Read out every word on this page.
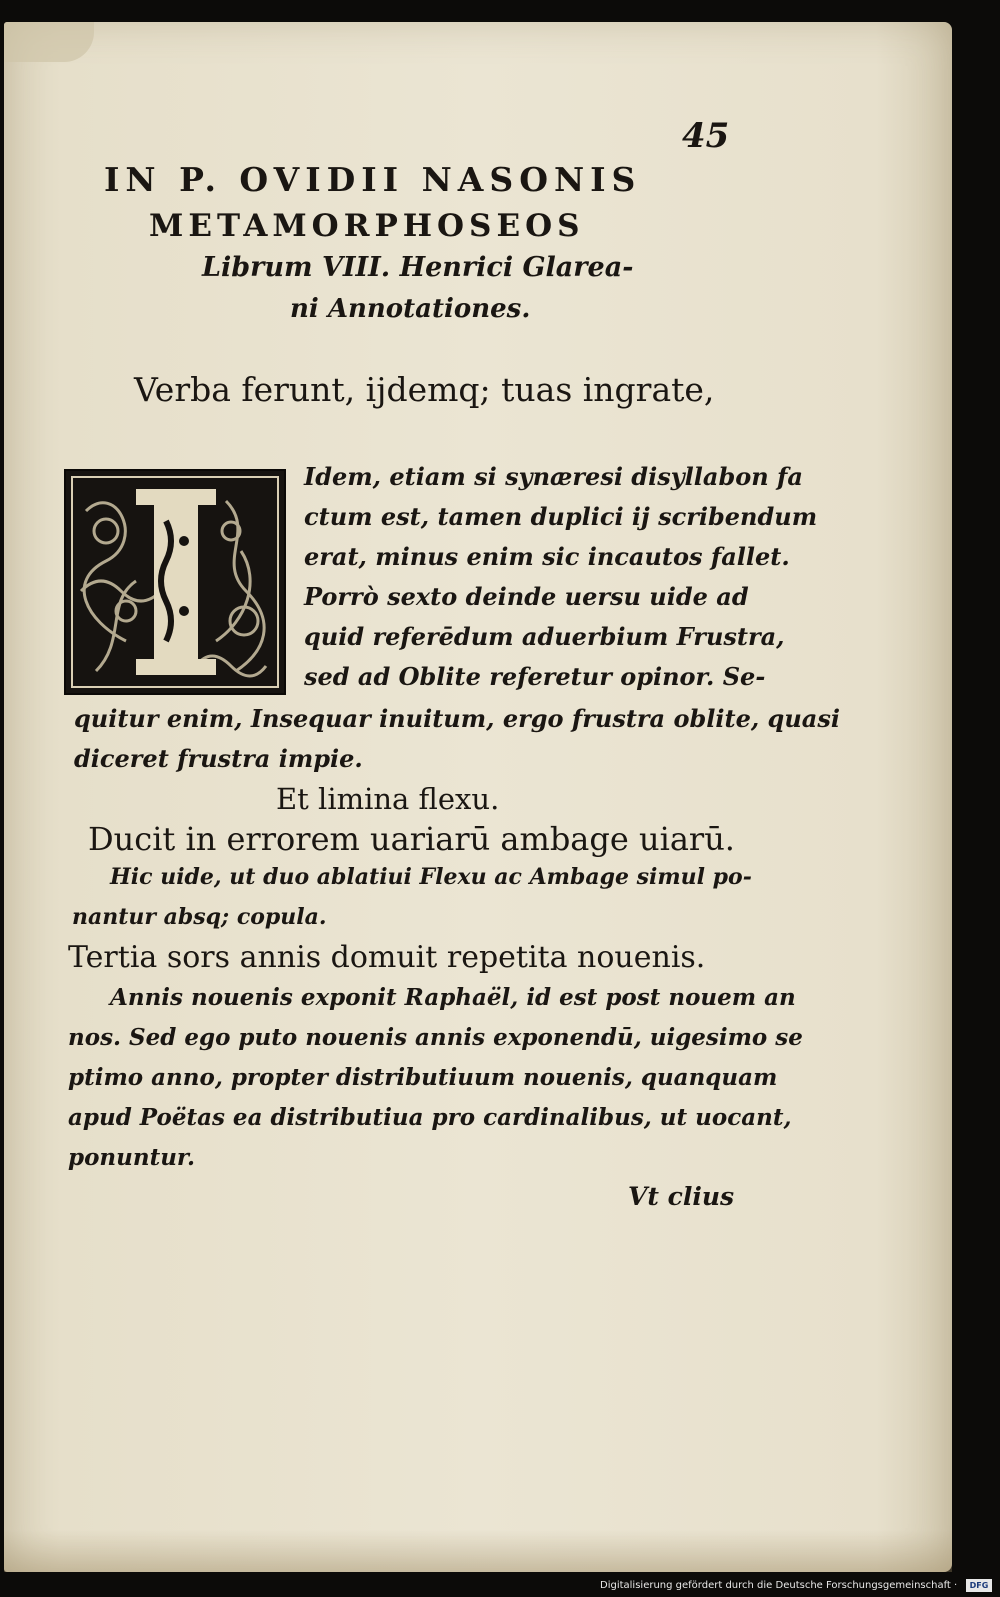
45
IN P. OVIDII NASONIS
METAMORPHOSEOS
Librum VIII. Henrici Glarea-
ni Annotationes.
Verba ferunt, ijdemq; tuas ingrate,
Idem, etiam si synæresi disyllabon fa
ctum est, tamen duplici ij scribendum
erat, minus enim sic incautos fallet.
Porrò sexto deinde uersu uide ad
quid referēdum aduerbium Frustra,
sed ad Oblite referetur opinor. Se-
quitur enim, Insequar inuitum, ergo frustra oblite, quasi
diceret frustra impie.
Et limina flexu.
Ducit in errorem uariarū ambage uiarū.
Hic uide, ut duo ablatiui Flexu ac Ambage simul po-
nantur absq; copula.
Tertia sors annis domuit repetita nouenis.
Annis nouenis exponit Raphaël, id est post nouem an
nos. Sed ego puto nouenis annis exponendū, uigesimo se
ptimo anno, propter distributiuum nouenis, quanquam
apud Poëtas ea distributiua pro cardinalibus, ut uocant,
ponuntur.
Vt clius
Digitalisierung gefördert durch die Deutsche Forschungsgemeinschaft ·	DFG
